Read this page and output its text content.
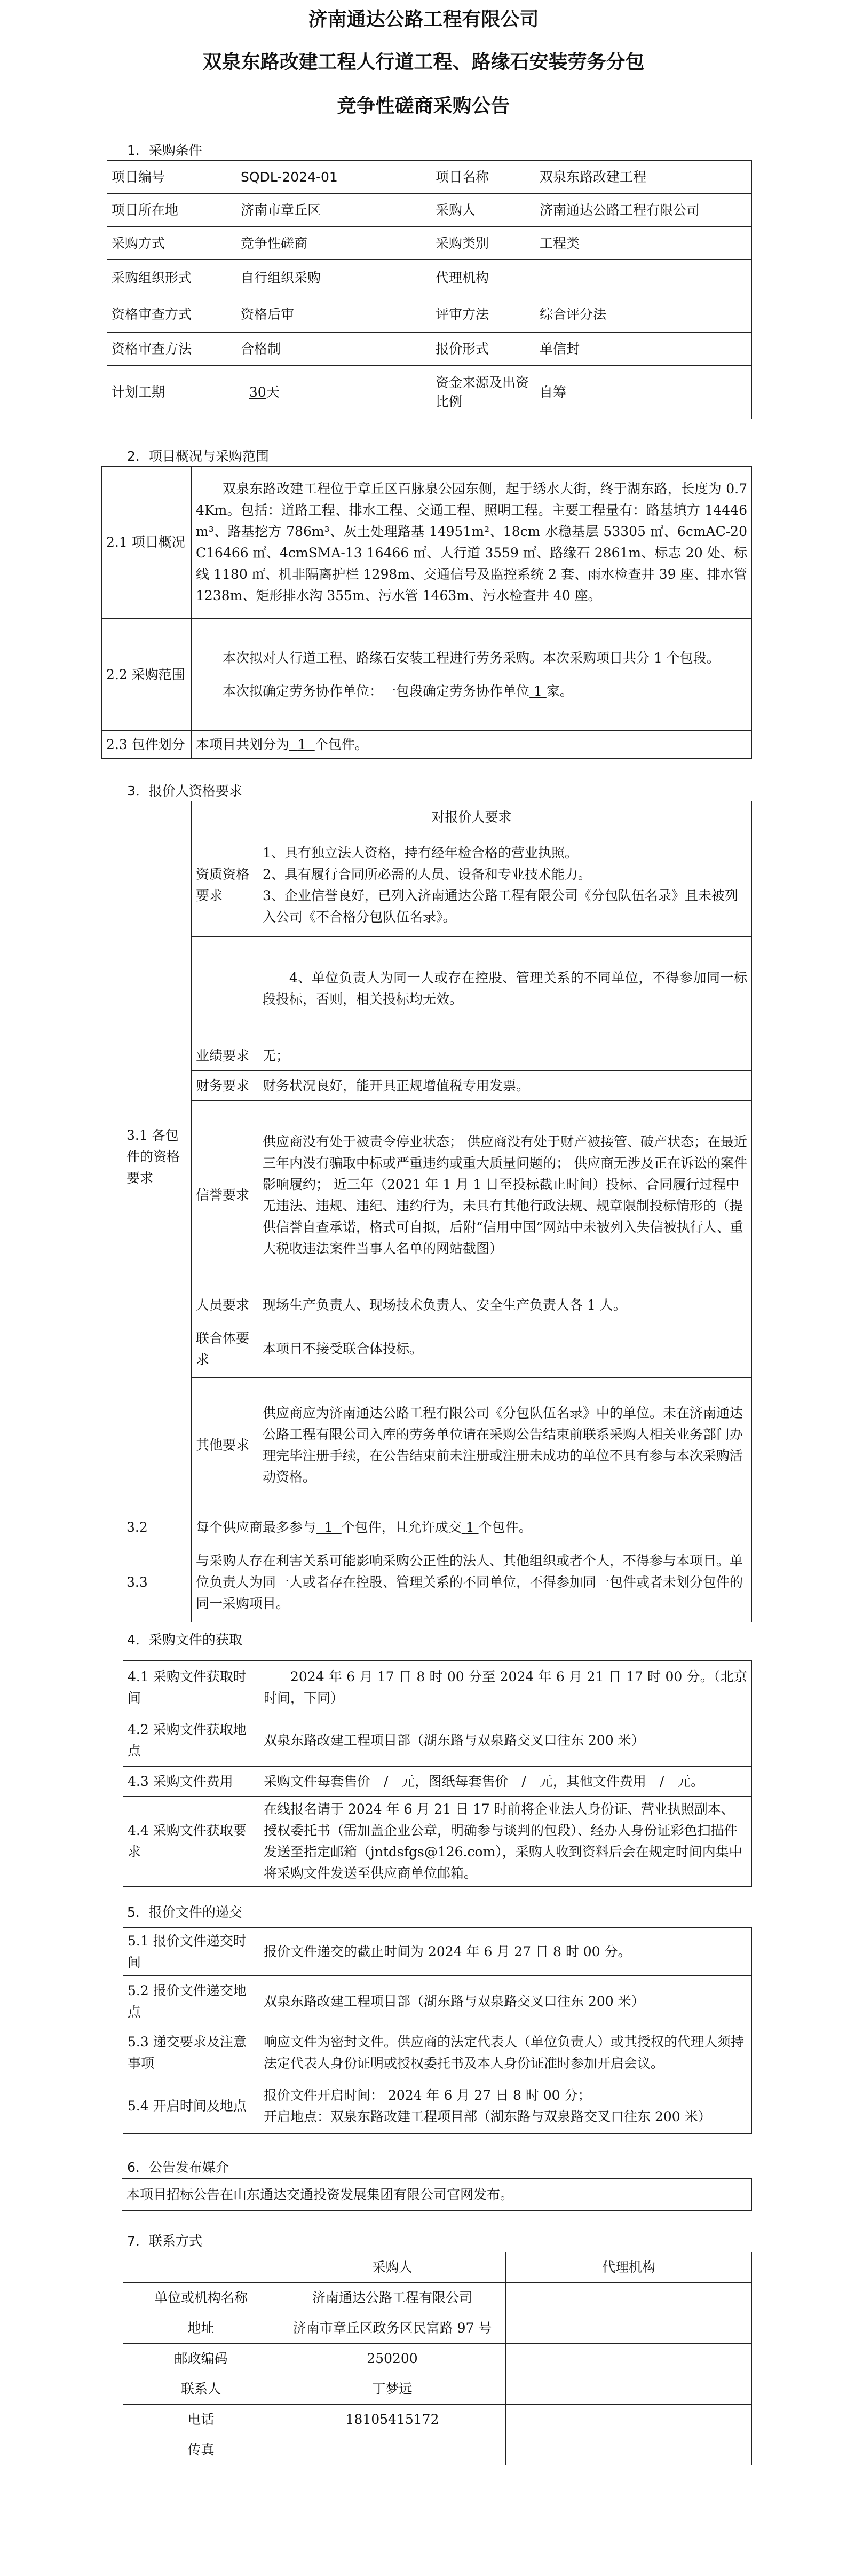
济南通达公路工程有限公司
双泉东路改建工程人行道工程、路缘石安装劳务分包
竞争性磋商采购公告
1．采购条件
项目编号	SQDL-2024-01	项目名称	双泉东路改建工程
项目所在地	济南市章丘区	采购人	济南通达公路工程有限公司
采购方式	竞争性磋商	采购类别	工程类
采购组织形式	自行组织采购	代理机构	
资格审查方式	资格后审	评审方法	综合评分法
资格审查方法	合格制	报价形式	单信封
计划工期	30天	资金来源及出资比例	自筹
2．项目概况与采购范围
2.1 项目概况	双泉东路改建工程位于章丘区百脉泉公园东侧，起于绣水大街，终于湖东路，长度为 0.74Km。包括：道路工程、排水工程、交通工程、照明工程。主要工程量有：路基填方 14446m³、路基挖方 786m³、灰土处理路基 14951m²、18cm 水稳基层 53305 ㎡、6cmAC-20C16466 ㎡、4cmSMA-13 16466 ㎡、人行道 3559 ㎡、路缘石 2861m、标志 20 处、标线 1180 ㎡、机非隔离护栏 1298m、交通信号及监控系统 2 套、雨水检查井 39 座、排水管 1238m、矩形排水沟 355m、污水管 1463m、污水检查井 40 座。
2.2 采购范围	本次拟对人行道工程、路缘石安装工程进行劳务采购。本次采购项目共分 1 个包段。
本次拟确定劳务协作单位：一包段确定劳务协作单位 1 家。

2.3 包件划分	本项目共划分为 1 个包件。
3．报价人资格要求
3.1 各包件的资格要求	对报价人要求	
	资质资格要求	1、具有独立法人资格，持有经年检合格的营业执照。
2、具有履行合同所必需的人员、设备和专业技术能力。
3、企业信誉良好，已列入济南通达公路工程有限公司《分包队伍名录》且未被列入公司《不合格分包队伍名录》。

		4、单位负责人为同一人或存在控股、管理关系的不同单位，不得参加同一标段投标，否则，相关投标均无效。
	业绩要求	无；
	财务要求	财务状况良好，能开具正规增值税专用发票。
	信誉要求	供应商没有处于被责令停业状态； 供应商没有处于财产被接管、破产状态；在最近三年内没有骗取中标或严重违约或重大质量问题的； 供应商无涉及正在诉讼的案件影响履约； 近三年（2021 年 1 月 1 日至投标截止时间）投标、合同履行过程中无违法、违规、违纪、违约行为，未具有其他行政法规、规章限制投标情形的（提供信誉自查承诺，格式可自拟，后附“信用中国”网站中未被列入失信被执行人、重大税收违法案件当事人名单的网站截图）
	人员要求	现场生产负责人、现场技术负责人、安全生产负责人各 1 人。
	联合体要求	本项目不接受联合体投标。
	其他要求	供应商应为济南通达公路工程有限公司《分包队伍名录》中的单位。未在济南通达公路工程有限公司入库的劳务单位请在采购公告结束前联系采购人相关业务部门办理完毕注册手续，在公告结束前未注册或注册未成功的单位不具有参与本次采购活动资格。
3.2	每个供应商最多参与 1 个包件，且允许成交 1 个包件。
3.3	与采购人存在利害关系可能影响采购公正性的法人、其他组织或者个人，不得参与本项目。单位负责人为同一人或者存在控股、管理关系的不同单位，不得参加同一包件或者未划分包件的同一采购项目。
4．采购文件的获取
4.1 采购文件获取时间	2024 年 6 月 17 日 8 时 00 分至 2024 年 6 月 21 日 17 时 00 分。（北京时间，下同）
4.2 采购文件获取地点	双泉东路改建工程项目部（湖东路与双泉路交叉口往东 200 米）
4.3 采购文件费用	采购文件每套售价__/__元，图纸每套售价__/__元，其他文件费用__/__元。
4.4 采购文件获取要求	在线报名请于 2024 年 6 月 21 日 17 时前将企业法人身份证、营业执照副本、授权委托书（需加盖企业公章，明确参与谈判的包段）、经办人身份证彩色扫描件发送至指定邮箱（jntdsfgs@126.com），采购人收到资料后会在规定时间内集中将采购文件发送至供应商单位邮箱。
5．报价文件的递交
5.1 报价文件递交时间	报价文件递交的截止时间为 2024 年 6 月 27 日 8 时 00 分。
5.2 报价文件递交地点	双泉东路改建工程项目部（湖东路与双泉路交叉口往东 200 米）
5.3 递交要求及注意事项	响应文件为密封文件。供应商的法定代表人（单位负责人）或其授权的代理人须持法定代表人身份证明或授权委托书及本人身份证准时参加开启会议。
5.4 开启时间及地点	报价文件开启时间： 2024 年 6 月 27 日 8 时 00 分；
开启地点：双泉东路改建工程项目部（湖东路与双泉路交叉口往东 200 米）
6．公告发布媒介
本项目招标公告在山东通达交通投资发展集团有限公司官网发布。
7．联系方式
	采购人	代理机构
单位或机构名称	济南通达公路工程有限公司	
地址	济南市章丘区政务区民富路 97 号	
邮政编码	250200	
联系人	丁梦远	
电话	18105415172	
传真		
